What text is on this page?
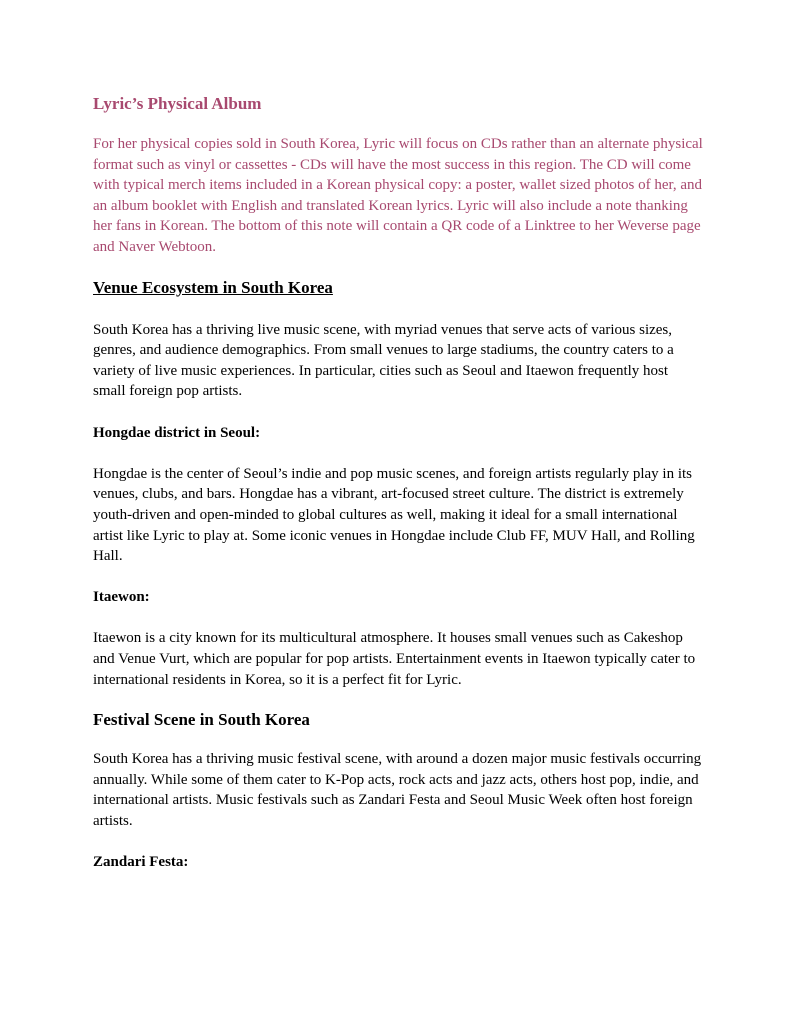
Lyric’s Physical Album

For her physical copies sold in South Korea, Lyric will focus on CDs rather than an alternate physical format such as vinyl or cassettes - CDs will have the most success in this region. The CD will come with typical merch items included in a Korean physical copy: a poster, wallet sized photos of her, and an album booklet with English and translated Korean lyrics. Lyric will also include a note thanking her fans in Korean. The bottom of this note will contain a QR code of a Linktree to her Weverse page and Naver Webtoon.

Venue Ecosystem in South Korea

South Korea has a thriving live music scene, with myriad venues that serve acts of various sizes, genres, and audience demographics. From small venues to large stadiums, the country caters to a variety of live music experiences. In particular, cities such as Seoul and Itaewon frequently host small foreign pop artists.

Hongdae district in Seoul:

Hongdae is the center of Seoul’s indie and pop music scenes, and foreign artists regularly play in its venues, clubs, and bars. Hongdae has a vibrant, art-focused street culture. The district is extremely youth-driven and open-minded to global cultures as well, making it ideal for a small international artist like Lyric to play at. Some iconic venues in Hongdae include Club FF, MUV Hall, and Rolling Hall.

Itaewon:

Itaewon is a city known for its multicultural atmosphere. It houses small venues such as Cakeshop and Venue Vurt, which are popular for pop artists. Entertainment events in Itaewon typically cater to international residents in Korea, so it is a perfect fit for Lyric.

Festival Scene in South Korea

South Korea has a thriving music festival scene, with around a dozen major music festivals occurring annually. While some of them cater to K-Pop acts, rock acts and jazz acts, others host pop, indie, and international artists. Music festivals such as Zandari Festa and Seoul Music Week often host foreign artists.

Zandari Festa:
